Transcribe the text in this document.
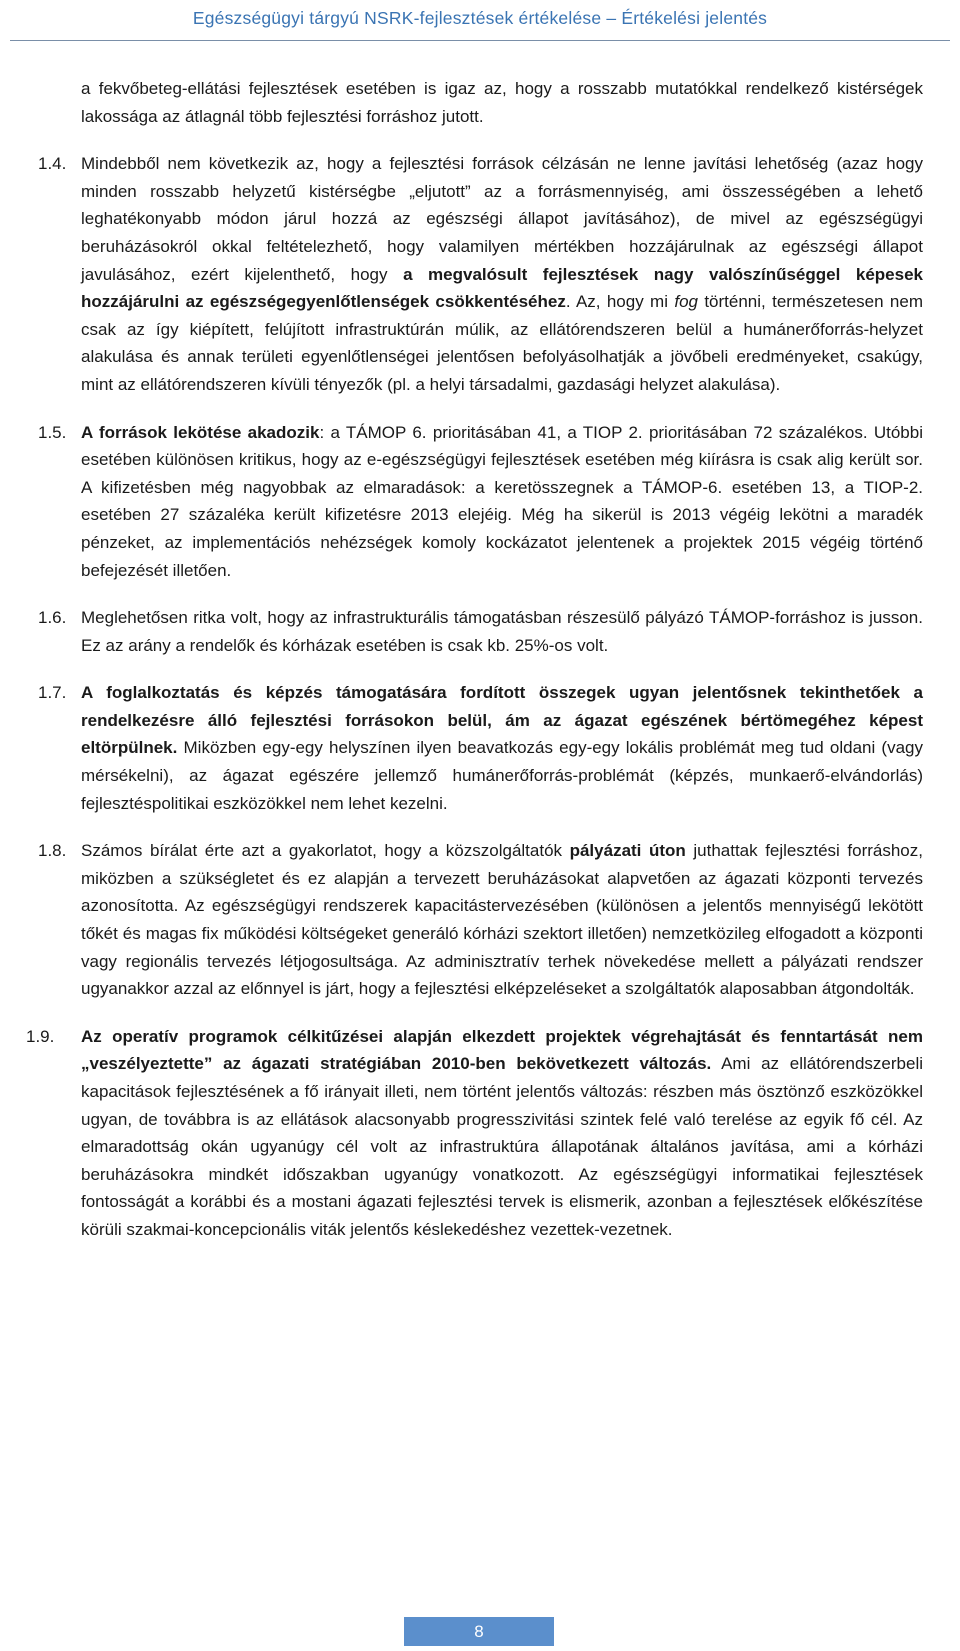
Egészségügyi tárgyú NSRK-fejlesztések értékelése – Értékelési jelentés

a fekvőbeteg-ellátási fejlesztések esetében is igaz az, hogy a rosszabb mutatókkal rendelkező kistérségek lakossága az átlagnál több fejlesztési forráshoz jutott.

1.4. Mindebből nem következik az, hogy a fejlesztési források célzásán ne lenne javítási lehetőség (azaz hogy minden rosszabb helyzetű kistérségbe „eljutott” az a forrásmennyiség, ami összességében a lehető leghatékonyabb módon járul hozzá az egészségi állapot javításához), de mivel az egészségügyi beruházásokról okkal feltételezhető, hogy valamilyen mértékben hozzájárulnak az egészségi állapot javulásához, ezért kijelenthető, hogy a megvalósult fejlesztések nagy valószínűséggel képesek hozzájárulni az egészségegyenlőtlenségek csökkentéséhez. Az, hogy mi fog történni, természetesen nem csak az így kiépített, felújított infrastruktúrán múlik, az ellátórendszeren belül a humánerőforrás-helyzet alakulása és annak területi egyenlőtlenségei jelentősen befolyásolhatják a jövőbeli eredményeket, csakúgy, mint az ellátórendszeren kívüli tényezők (pl. a helyi társadalmi, gazdasági helyzet alakulása).
1.5. A források lekötése akadozik: a TÁMOP 6. prioritásában 41, a TIOP 2. prioritásában 72 százalékos. Utóbbi esetében különösen kritikus, hogy az e-egészségügyi fejlesztések esetében még kiírásra is csak alig került sor. A kifizetésben még nagyobbak az elmaradások: a keretösszegnek a TÁMOP-6. esetében 13, a TIOP-2. esetében 27 százaléka került kifizetésre 2013 elejéig. Még ha sikerül is 2013 végéig lekötni a maradék pénzeket, az implementációs nehézségek komoly kockázatot jelentenek a projektek 2015 végéig történő befejezését illetően.
1.6. Meglehetősen ritka volt, hogy az infrastrukturális támogatásban részesülő pályázó TÁMOP-forráshoz is jusson. Ez az arány a rendelők és kórházak esetében is csak kb. 25%-os volt.
1.7. A foglalkoztatás és képzés támogatására fordított összegek ugyan jelentősnek tekinthetőek a rendelkezésre álló fejlesztési forrásokon belül, ám az ágazat egészének bértömegéhez képest eltörpülnek. Miközben egy-egy helyszínen ilyen beavatkozás egy-egy lokális problémát meg tud oldani (vagy mérsékelni), az ágazat egészére jellemző humánerőforrás-problémát (képzés, munkaerő-elvándorlás) fejlesztéspolitikai eszközökkel nem lehet kezelni.
1.8. Számos bírálat érte azt a gyakorlatot, hogy a közszolgáltatók pályázati úton juthattak fejlesztési forráshoz, miközben a szükségletet és ez alapján a tervezett beruházásokat alapvetően az ágazati központi tervezés azonosította. Az egészségügyi rendszerek kapacitástervezésében (különösen a jelentős mennyiségű lekötött tőkét és magas fix működési költségeket generáló kórházi szektort illetően) nemzetközileg elfogadott a központi vagy regionális tervezés létjogosultsága. Az adminisztratív terhek növekedése mellett a pályázati rendszer ugyanakkor azzal az előnnyel is járt, hogy a fejlesztési elképzeléseket a szolgáltatók alaposabban átgondolták.
1.9.	Az operatív programok célkitűzései alapján elkezdett projektek végrehajtását és fenntartását nem „veszélyeztette” az ágazati stratégiában 2010-ben bekövetkezett változás. Ami az ellátórendszerbeli kapacitások fejlesztésének a fő irányait illeti, nem történt jelentős változás: részben más ösztönző eszközökkel ugyan, de továbbra is az ellátások alacsonyabb progresszivitási szintek felé való terelése az egyik fő cél. Az elmaradottság okán ugyanúgy cél volt az infrastruktúra állapotának általános javítása, ami a kórházi beruházásokra mindkét időszakban ugyanúgy vonatkozott. Az egészségügyi informatikai fejlesztések fontosságát a korábbi és a mostani ágazati fejlesztési tervek is elismerik, azonban a fejlesztések előkészítése körüli szakmai-koncepcionális viták jelentős késlekedéshez vezettek-vezetnek.
8
